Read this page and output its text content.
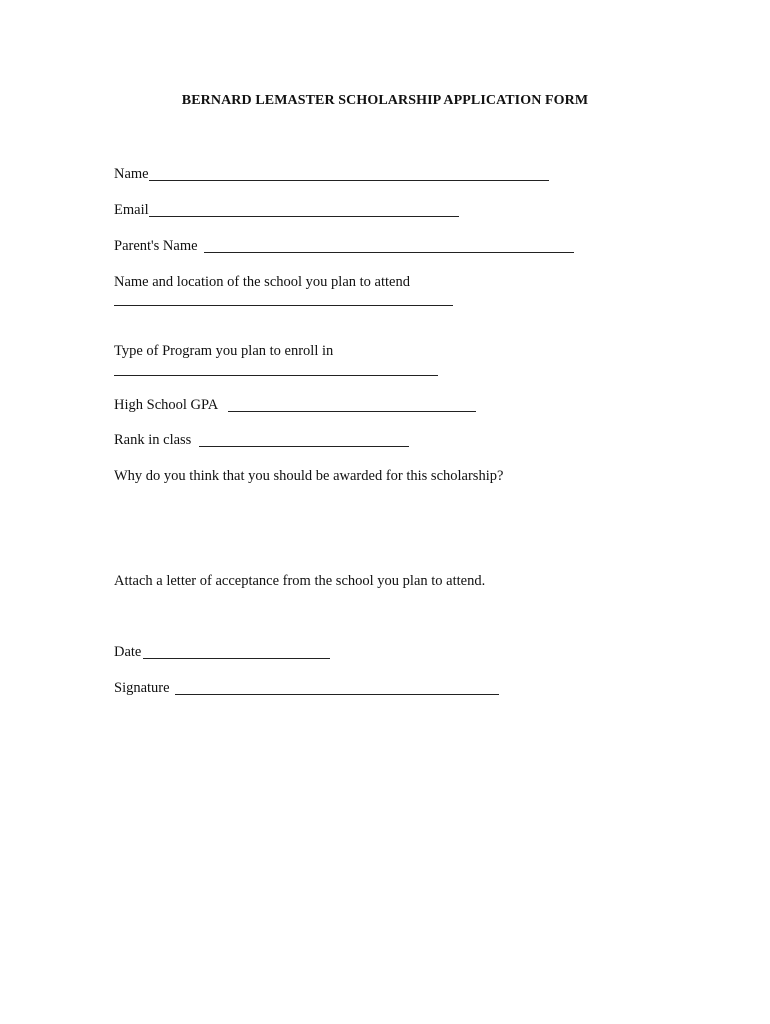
BERNARD LEMASTER SCHOLARSHIP APPLICATION FORM
Name
Email
Parent's Name
Name and location of the school you plan to attend
Type of Program you plan to enroll in
High School GPA
Rank in class
Why do you think that you should be awarded for this scholarship?
Attach a letter of acceptance from the school you plan to attend.
Date
Signature
